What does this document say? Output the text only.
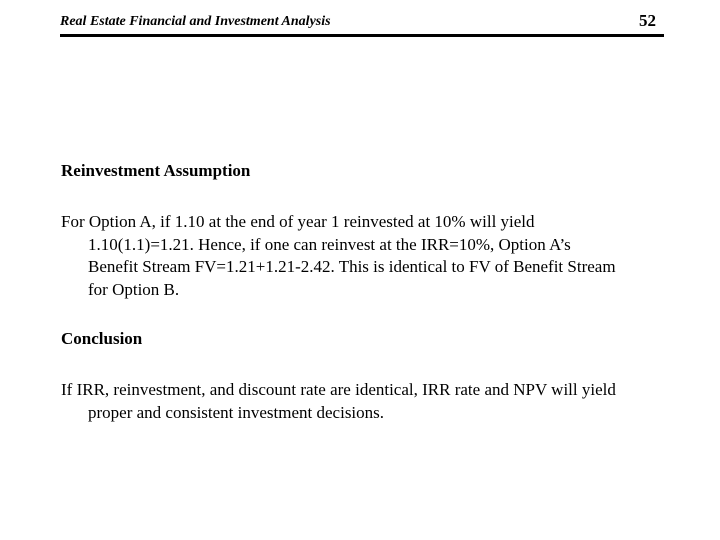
Real Estate Financial and Investment Analysis	52
Reinvestment Assumption
For Option A, if 1.10 at the end of year 1 reinvested at 10% will yield
1.10(1.1)=1.21. Hence, if one can reinvest at the IRR=10%, Option A’s
Benefit Stream FV=1.21+1.21-2.42. This is identical to FV of Benefit Stream
for Option B.
Conclusion
If IRR, reinvestment, and discount rate are identical, IRR rate and NPV will yield
proper and consistent investment decisions.
